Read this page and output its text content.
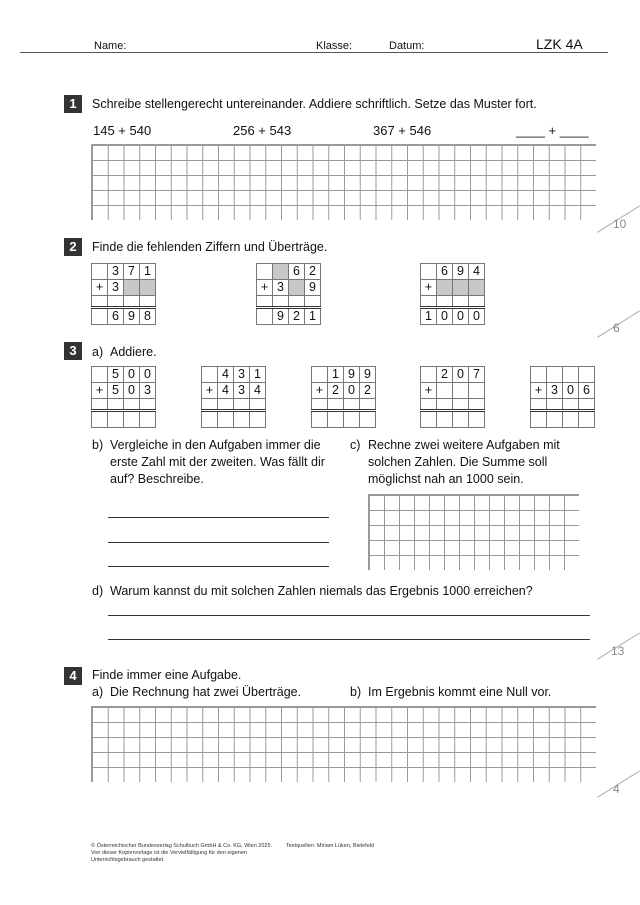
Name:	Klasse:	Datum:	LZK 4A
1	Schreibe stellengerecht untereinander. Addiere schriftlich. Setze das Muster fort.
145 + 540	256 + 543	367 + 546	____ + ____
10
2	Finde die fehlenden Ziffern und Überträge.
	3	7	1
+	3		

	6	9	8
		6	2
+	3		9

	9	2	1
	6	9	4
+			

1	0	0	0
6
3	a) Addiere.
	5	0	0
+	5	0	3

	4	3	1
+	4	3	4

	1	9	9
+	2	0	2

	2	0	7
+			

				+	3	0	6

b) Vergleiche in den Aufgaben immer die
erste Zahl mit der zweiten. Was fällt dir
auf? Beschreibe.
c) Rechne zwei weitere Aufgaben mit
solchen Zahlen. Die Summe soll
möglichst nah an 1000 sein.
d) Warum kannst du mit solchen Zahlen niemals das Ergebnis 1000 erreichen?
13
4	Finde immer eine Aufgabe.
a) Die Rechnung hat zwei Überträge.	b) Im Ergebnis kommt eine Null vor.
4
© Österreichischer Bundesverlag Schulbuch GmbH & Co. KG, Wien 2025.
Von dieser Kopiervorlage ist die Vervielfältigung für den eigenen
Unterrichtsgebrauch gestattet.
Textquellen: Miriam Lüken, Bielefeld
